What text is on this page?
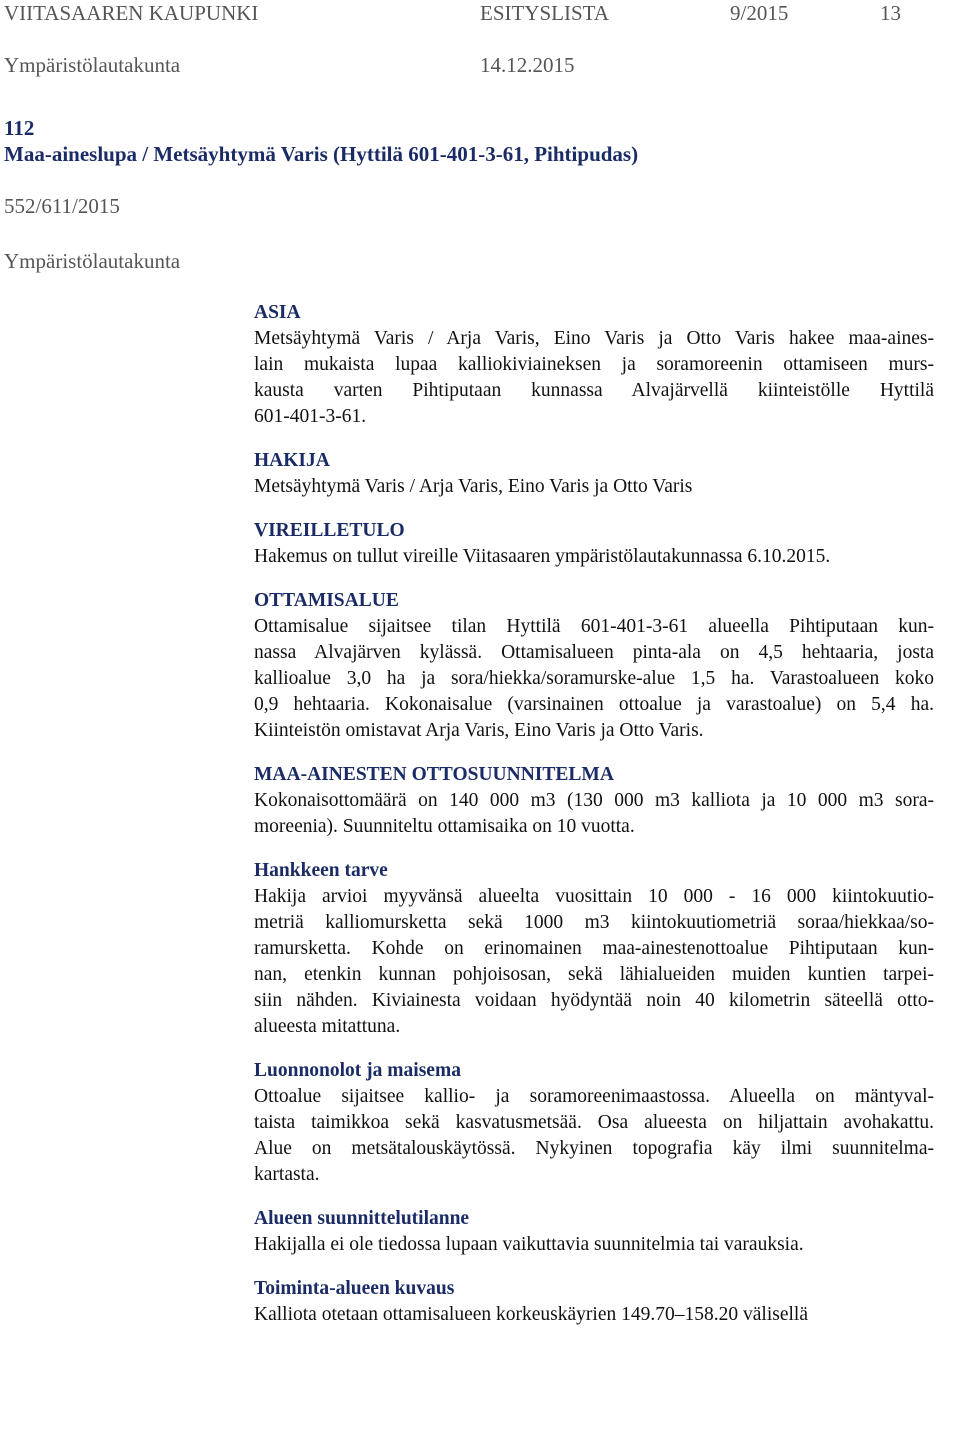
VIITASAAREN KAUPUNKI	ESITYSLISTA	9/2015	13
Ympäristölautakunta	14.12.2015
112
Maa-aineslupa / Metsäyhtymä Varis (Hyttilä 601-401-3-61, Pihtipudas)
552/611/2015
Ympäristölautakunta
ASIA

Metsäyhtymä Varis / Arja Varis, Eino Varis ja Otto Varis hakee maa-aines-
lain mukaista lupaa kalliokiviaineksen ja soramoreenin ottamiseen murs-
kausta varten Pihtiputaan kunnassa Alvajärvellä kiinteistölle Hyttilä
601-401-3-61.

HAKIJA

Metsäyhtymä Varis / Arja Varis, Eino Varis ja Otto Varis

VIREILLETULO

Hakemus on tullut vireille Viitasaaren ympäristölautakunnassa 6.10.2015.

OTTAMISALUE

Ottamisalue sijaitsee tilan Hyttilä 601-401-3-61 alueella Pihtiputaan kun-
nassa Alvajärven kylässä. Ottamisalueen pinta-ala on 4,5 hehtaaria, josta
kallioalue 3,0 ha ja sora/hiekka/soramurske-alue 1,5 ha. Varastoalueen koko
0,9 hehtaaria. Kokonaisalue (varsinainen ottoalue ja varastoalue) on 5,4 ha.
Kiinteistön omistavat Arja Varis, Eino Varis ja Otto Varis.

MAA-AINESTEN OTTOSUUNNITELMA

Kokonaisottomäärä on 140 000 m3 (130 000 m3 kalliota ja 10 000 m3 sora-
moreenia). Suunniteltu ottamisaika on 10 vuotta.

Hankkeen tarve

Hakija arvioi myyvänsä alueelta vuosittain 10 000 - 16 000 kiintokuutio-
metriä kalliomursketta sekä 1000 m3 kiintokuutiometriä soraa/hiekkaa/so-
ramursketta. Kohde on erinomainen maa-ainestenottoalue Pihtiputaan kun-
nan, etenkin kunnan pohjoisosan, sekä lähialueiden muiden kuntien tarpei-
siin nähden. Kiviainesta voidaan hyödyntää noin 40 kilometrin säteellä otto-
alueesta mitattuna.

Luonnonolot ja maisema

Ottoalue sijaitsee kallio- ja soramoreenimaastossa. Alueella on mäntyval-
taista taimikkoa sekä kasvatusmetsää. Osa alueesta on hiljattain avohakattu.
Alue on metsätalouskäytössä. Nykyinen topografia käy ilmi suunnitelma-
kartasta.

Alueen suunnittelutilanne

Hakijalla ei ole tiedossa lupaan vaikuttavia suunnitelmia tai varauksia.

Toiminta-alueen kuvaus

Kalliota otetaan ottamisalueen korkeuskäyrien 149.70–158.20 välisellä
